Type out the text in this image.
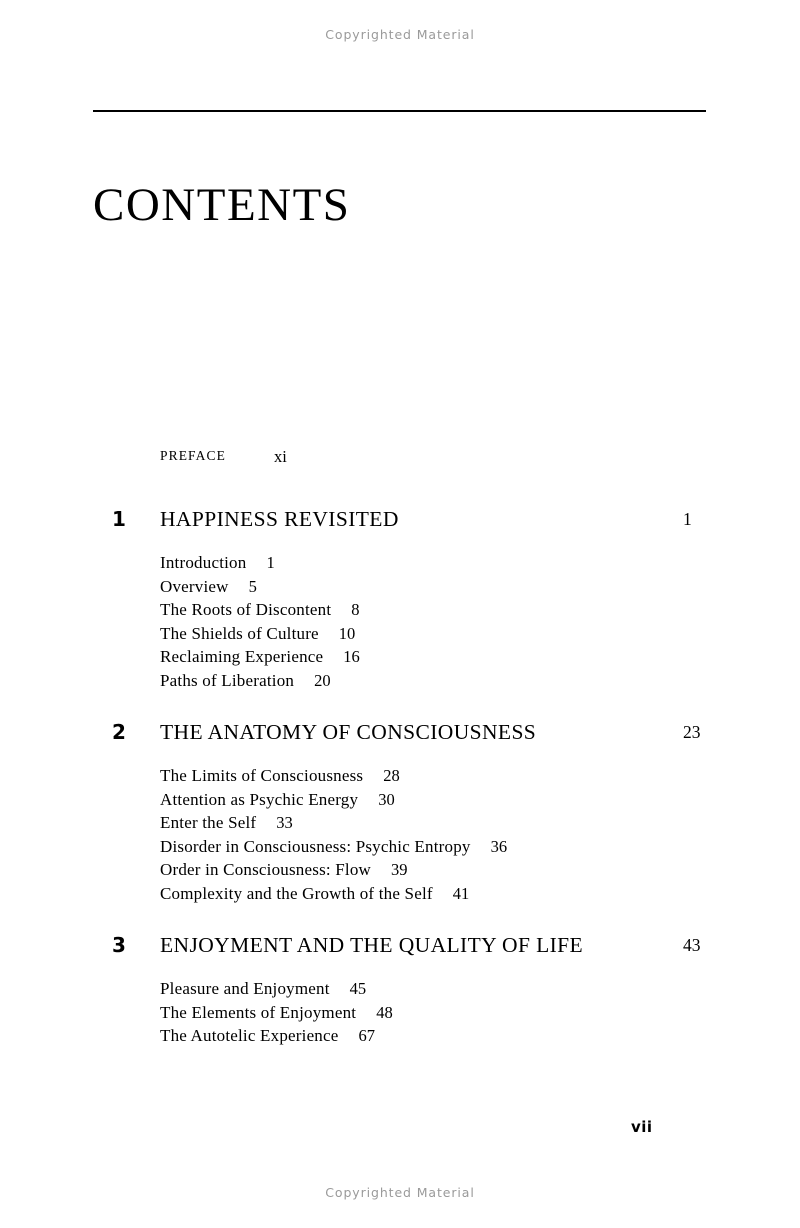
Copyrighted Material
CONTENTS
PREFACE	xi
1 HAPPINESS REVISITED	1
Introduction 1
Overview 5
The Roots of Discontent 8
The Shields of Culture 10
Reclaiming Experience 16
Paths of Liberation 20
2 THE ANATOMY OF CONSCIOUSNESS	23
The Limits of Consciousness 28
Attention as Psychic Energy 30
Enter the Self 33
Disorder in Consciousness: Psychic Entropy 36
Order in Consciousness: Flow 39
Complexity and the Growth of the Self 41
3 ENJOYMENT AND THE QUALITY OF LIFE	43
Pleasure and Enjoyment 45
The Elements of Enjoyment 48
The Autotelic Experience 67
vii
Copyrighted Material
